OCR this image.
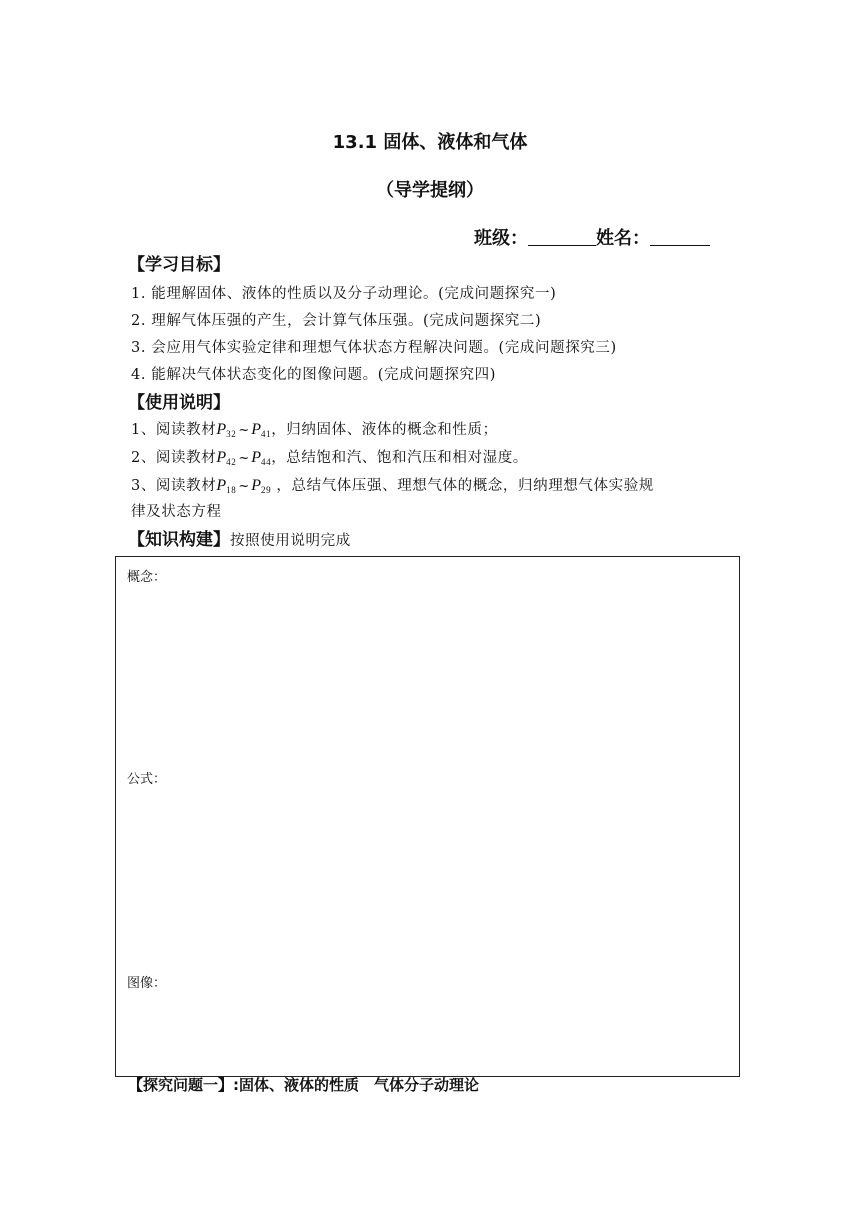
13.1 固体、液体和气体
（导学提纲）
班级：	姓名：
【学习目标】
1. 能理解固体、液体的性质以及分子动理论。(完成问题探究一)
2. 理解气体压强的产生，会计算气体压强。(完成问题探究二)
3. 会应用气体实验定律和理想气体状态方程解决问题。(完成问题探究三)
4. 能解决气体状态变化的图像问题。(完成问题探究四)
【使用说明】
1、阅读教材$P_{32}$ ~ $P_{41}$，归纳固体、液体的概念和性质；
2、阅读教材$P_{42}$ ~ $P_{44}$，总结饱和汽、饱和汽压和相对湿度。
3、阅读教材$P_{18}$ ~ $P_{29}$ ，总结气体压强、理想气体的概念，归纳理想气体实验规
律及状态方程
【知识构建】按照使用说明完成
概念：
公式：
图像：
【探究问题一】:固体、液体的性质　气体分子动理论
